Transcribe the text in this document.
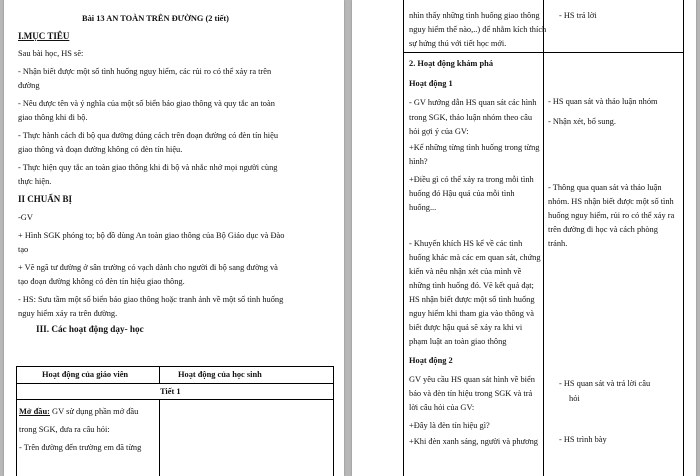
Bài 13 AN TOÀN TRÊN ĐƯỜNG (2 tiết)
I.MỤC TIÊU
Sau bài học, HS sẽ:
- Nhận biết được một số tình huống nguy hiểm, các rủi ro có thể xảy ra trên
đường
- Nêu được tên và ý nghĩa của một số biển báo giao thông và quy tắc an toàn
giao thông khi đi bộ.
- Thực hành cách đi bộ qua đường đúng cách trên đoạn đường có đèn tín hiệu
giao thông và đoạn đường không có đèn tín hiệu.
- Thực hiện quy tắc an toàn giao thông khi đi bộ và nhắc nhở mọi người cùng
thực hiện.
II CHUẨN BỊ
-GV
+ Hình SGK phóng to; bộ đồ dùng An toàn giao thông của Bộ Giáo dục và Đào
tạo
+ Vẽ ngã tư đường ở sân trường có vạch dành cho người đi bộ sang đường và
tạo đoạn đường không có đèn tín hiệu giao thông.
- HS: Sưu tầm một số biển báo giao thông hoặc tranh ảnh về một số tình huống
nguy hiểm xảy ra trên đường.
III. Các hoạt động dạy- học
Hoạt động của giáo viên	Hoạt động của học sinh
Tiết 1
Mở đầu: GV sử dụng phần mở đầu
trong SGK, đưa ra câu hỏi:
- Trên đường đến trường em đã từng
nhìn thấy những tình huống giao thông
nguy hiểm thế nào,..) để nhằm kích thích
sự hứng thú với tiết học mới.
- HS trả lời
2. Hoạt động khám phá
Hoạt động 1
- GV hướng dẫn HS quan sát các hình
trong SGK, thảo luận nhóm theo câu
hỏi gợi ý của GV:
+Kể những từng tình huống trong từng
hình?
+Điều gì có thể xảy ra trong mỗi tình
huống đó Hậu quả của mỗi tình
huống...
- Khuyến khích HS kể về các tình
huống khác mà các em quan sát, chứng
kiến và nêu nhận xét của mình về
những tình huống đó. Vẽ kết quả đạt;
HS nhận biết được một số tình huống
nguy hiểm khi tham gia vào thông và
biết được hậu quả sẽ xảy ra khi vi
phạm luật an toàn giao thông
- HS quan sát và thảo luận nhóm
- Nhận xét, bổ sung.
- Thông qua quan sát và thảo luận
nhóm. HS nhận biết được một số tình
huống nguy hiểm, rủi ro có thể xảy ra
trên đường đi học và cách phòng
tránh.
Hoạt động 2
GV yêu cầu HS quan sát hình về biển
báo và đèn tín hiệu trong SGK và trả
lời câu hỏi của GV:
+Đây là đèn tín hiệu gì?
+Khi đèn xanh sáng, người và phương
- HS quan sát và trả lời câu
hỏi
- HS trình bày
